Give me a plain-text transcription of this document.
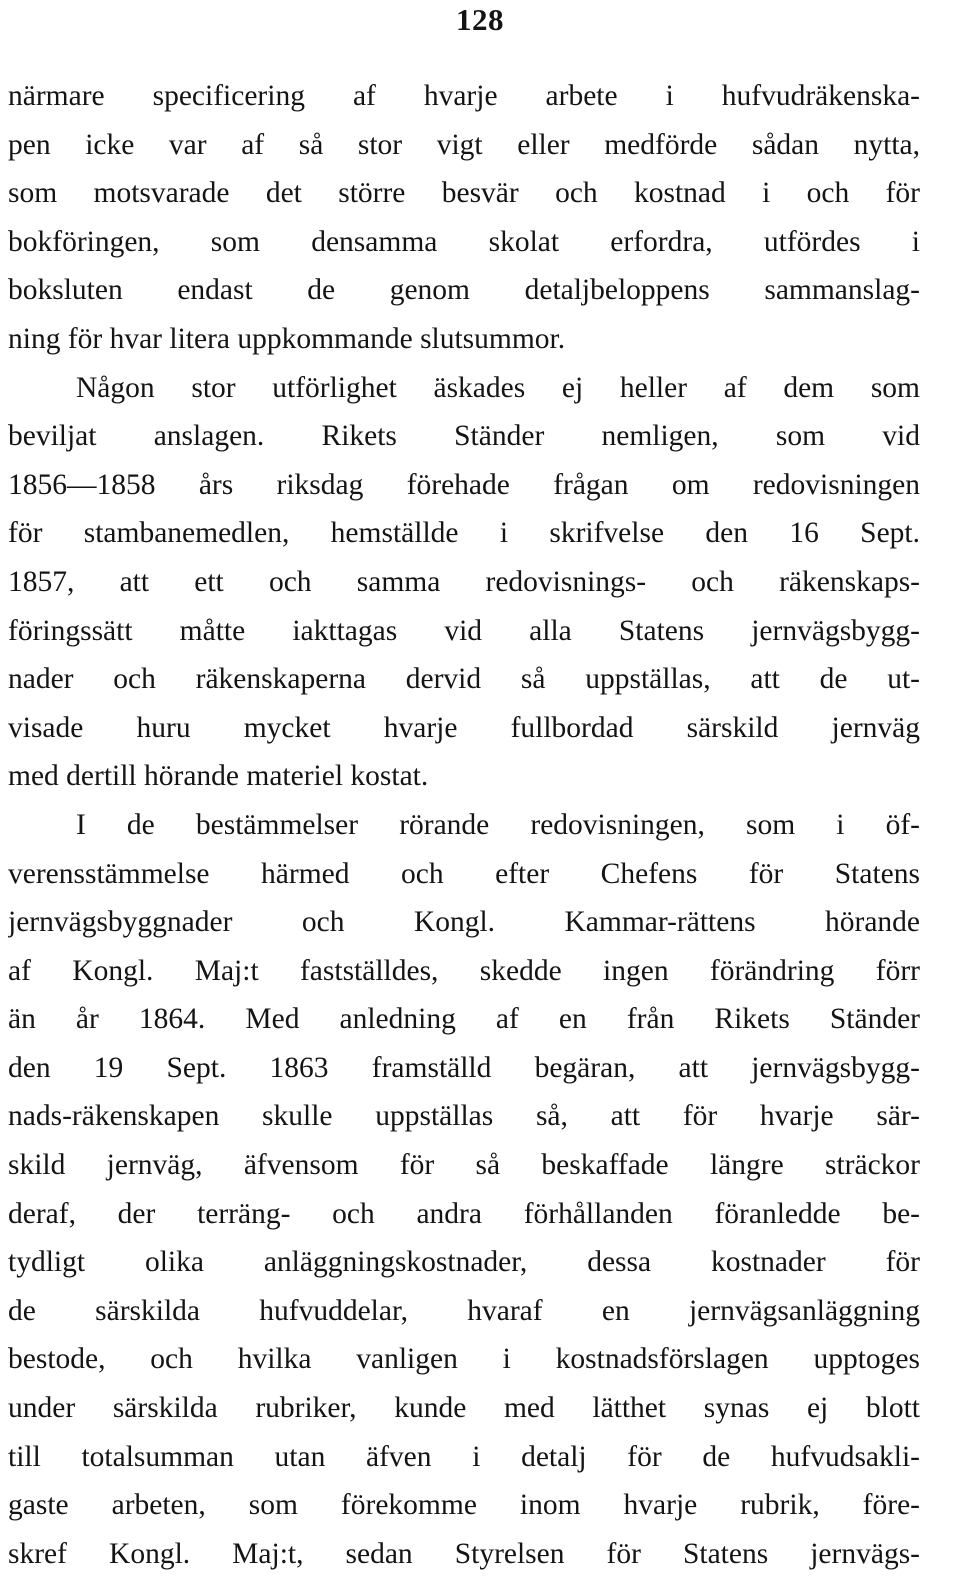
128
närmare specificering af hvarje arbete i hufvudräkenska-
pen icke var af så stor vigt eller medförde sådan nytta,
som motsvarade det större besvär och kostnad i och för
bokföringen, som densamma skolat erfordra, utfördes i
boksluten endast de genom detaljbeloppens sammanslag-
ning för hvar litera uppkommande slutsummor.
Någon stor utförlighet äskades ej heller af dem som
beviljat anslagen. Rikets Ständer nemligen, som vid
1856—1858 års riksdag förehade frågan om redovisningen
för stambanemedlen, hemställde i skrifvelse den 16 Sept.
1857, att ett och samma redovisnings- och räkenskaps-
föringssätt måtte iakttagas vid alla Statens jernvägsbygg-
nader och räkenskaperna dervid så uppställas, att de ut-
visade huru mycket hvarje fullbordad särskild jernväg
med dertill hörande materiel kostat.
I de bestämmelser rörande redovisningen, som i öf-
verensstämmelse härmed och efter Chefens för Statens
jernvägsbyggnader och Kongl. Kammar-rättens hörande
af Kongl. Maj:t fastställdes, skedde ingen förändring förr
än år 1864. Med anledning af en från Rikets Ständer
den 19 Sept. 1863 framställd begäran, att jernvägsbygg-
nads-räkenskapen skulle uppställas så, att för hvarje sär-
skild jernväg, äfvensom för så beskaffade längre sträckor
deraf, der terräng- och andra förhållanden föranledde be-
tydligt olika anläggningskostnader, dessa kostnader för
de särskilda hufvuddelar, hvaraf en jernvägsanläggning
bestode, och hvilka vanligen i kostnadsförslagen upptoges
under särskilda rubriker, kunde med lätthet synas ej blott
till totalsumman utan äfven i detalj för de hufvudsakli-
gaste arbeten, som förekomme inom hvarje rubrik, före-
skref Kongl. Maj:t, sedan Styrelsen för Statens jernvägs-
